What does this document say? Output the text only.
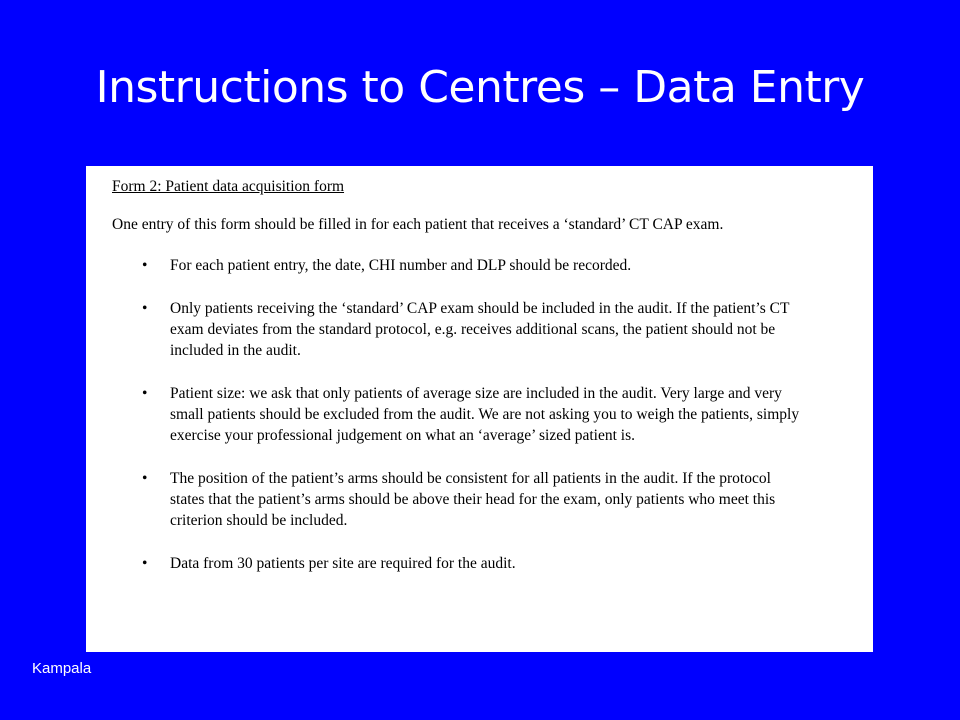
Instructions to Centres – Data Entry

Form 2: Patient data acquisition form

One entry of this form should be filled in for each patient that receives a ‘standard’ CT CAP exam.

• For each patient entry, the date, CHI number and DLP should be recorded.
• Only patients receiving the ‘standard’ CAP exam should be included in the audit. If the patient’s CT exam deviates from the standard protocol, e.g. receives additional scans, the patient should not be included in the audit.
• Patient size: we ask that only patients of average size are included in the audit. Very large and very small patients should be excluded from the audit. We are not asking you to weigh the patients, simply exercise your professional judgement on what an ‘average’ sized patient is.
• The position of the patient’s arms should be consistent for all patients in the audit. If the protocol states that the patient’s arms should be above their head for the exam, only patients who meet this criterion should be included.
• Data from 30 patients per site are required for the audit.
Kampala
